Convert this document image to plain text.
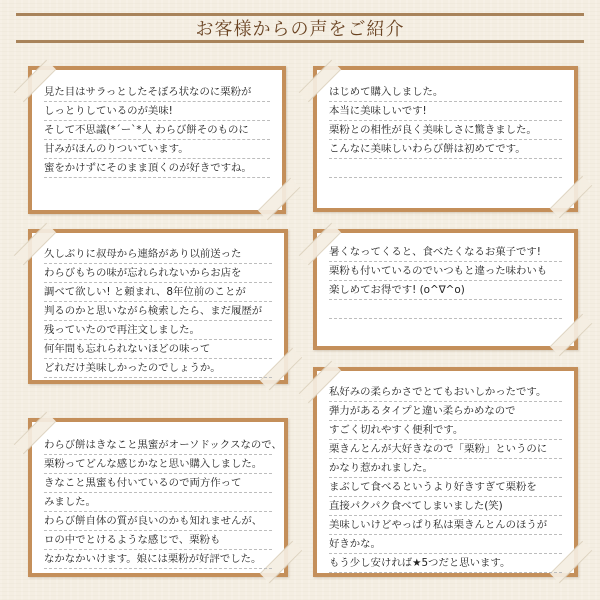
お客様からの声をご紹介
見た目はサラっとしたそぼろ状なのに栗粉が
しっとりしているのが美味!
そして不思議(*´ー`*人 わらび餅そのものに
甘みがほんのりついています。
蜜をかけずにそのまま頂くのが好きですね。
はじめて購入しました。
本当に美味しいです!
栗粉との相性が良く美味しさに驚きました。
こんなに美味しいわらび餅は初めてです。
久しぶりに叔母から連絡があり以前送った
わらびもちの味が忘れられないからお店を
調べて欲しい! と頼まれ、8年位前のことが
判るのかと思いながら検索したら、まだ履歴が
残っていたので再注文しました。
何年間も忘れられないほどの味って
どれだけ美味しかったのでしょうか。
暑くなってくると、食べたくなるお菓子です!
栗粉も付いているのでいつもと違った味わいも
楽しめてお得です! (o^∇^o)
わらび餅はきなこと黒蜜がオーソドックスなので、
栗粉ってどんな感じかなと思い購入しました。
きなこと黒蜜も付いているので両方作って
みました。
わらび餅自体の質が良いのかも知れませんが、
ロの中でとけるような感じで、栗粉も
なかなかいけます。娘には栗粉が好評でした。
私好みの柔らかさでとてもおいしかったです。
弾力があるタイプと違い柔らかめなので
すごく切れやすく便利です。
栗きんとんが大好きなので「栗粉」というのに
かなり惹かれました。
まぶして食べるというより好きすぎて栗粉を
直接パクパク食べてしまいました(笑)
美味しいけどやっぱり私は栗きんとんのほうが
好きかな。
もう少し安ければ★5つだと思います。
